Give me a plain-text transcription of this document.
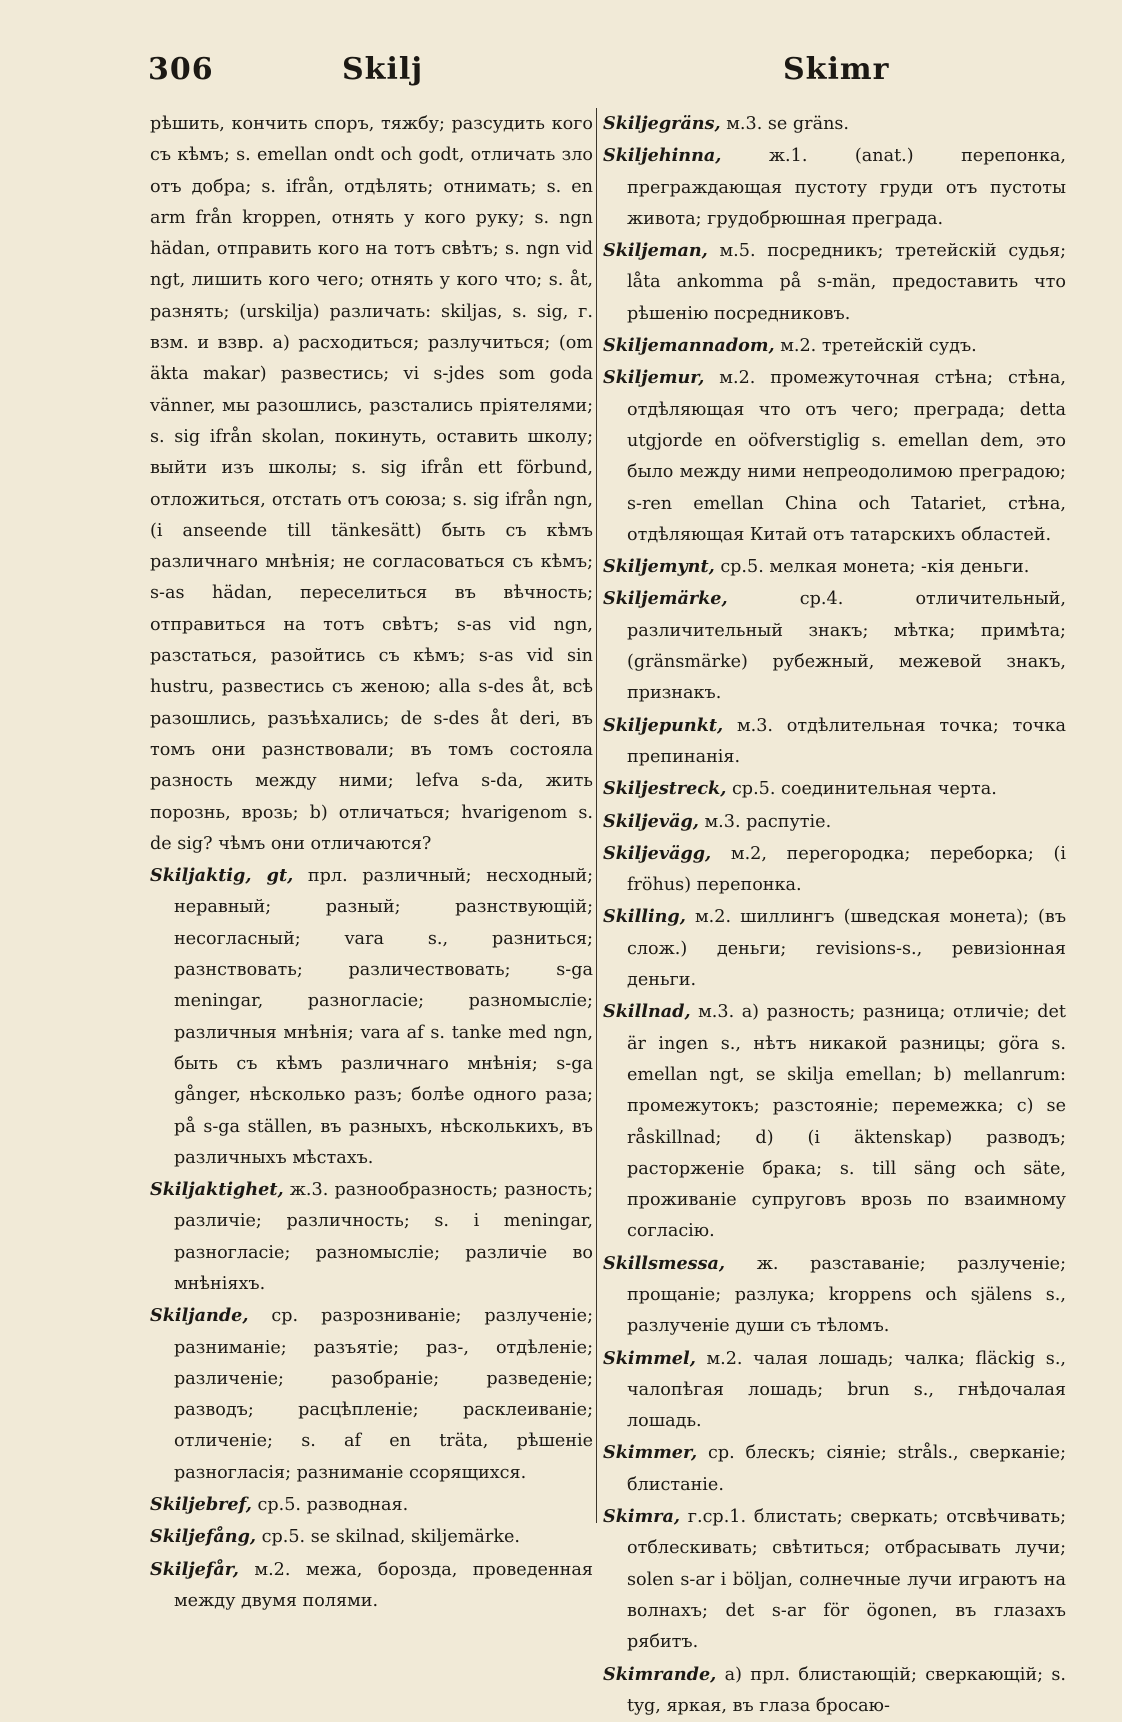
306	Skilj	Skimr

рѣшить, кончить споръ, тяжбу; разсудить кого съ кѣмъ; s. emellan ondt och godt, отличать зло отъ добра; s. ifrån, отдѣлять; отнимать; s. en arm från kroppen, отнять у кого руку; s. ngn hädan, отправить кого на тотъ свѣтъ; s. ngn vid ngt, лишить кого чего; отнять у кого что; s. åt, разнять; (urskilja) различать: skiljas, s. sig, г. взм. и взвр. а) расходиться; разлучиться; (om äkta makar) развестись; vi s-jdes som goda vänner, мы разошлись, разстались пріятелями; s. sig ifrån skolan, покинуть, оставить школу; выйти изъ школы; s. sig ifrån ett förbund, отложиться, отстать отъ союза; s. sig ifrån ngn, (i anseende till tänkesätt) быть съ кѣмъ различнаго мнѣнія; не согласоваться съ кѣмъ; s-as hädan, переселиться въ вѣчность; отправиться на тотъ свѣтъ; s-as vid ngn, разстаться, разойтись съ кѣмъ; s-as vid sin hustru, развестись съ женою; alla s-des åt, всѣ разошлись, разъѣхались; de s-des åt deri, въ томъ они разнствовали; въ томъ состояла разность между ними; lefva s-da, жить порознь, врозь; b) отличаться; hvarigenom s. de sig? чѣмъ они отличаются?

Skiljaktig, gt, прл. различный; несходный; неравный; разный; разнствующій; несогласный; vara s., разниться; разнствовать; различествовать; s-ga meningar, разногласіе; разномысліе; различныя мнѣнія; vara af s. tanke med ngn, быть съ кѣмъ различнаго мнѣнія; s-ga gånger, нѣсколько разъ; болѣе одного раза; på s-ga ställen, въ разныхъ, нѣсколькихъ, въ различныхъ мѣстахъ.

Skiljaktighet, ж.3. разнообразность; разность; различіе; различность; s. i meningar, разногласіе; разномысліе; различіе во мнѣніяхъ.

Skiljande, ср. разрозниваніе; разлученіе; разниманіе; разъятіе; раз-, отдѣленіе; различеніе; разобраніе; разведеніе; разводъ; расцѣпленіе; расклеиваніе; отличеніе; s. af en träta, рѣшеніе разногласія; разниманіе ссорящихся.

Skiljebref, ср.5. разводная.

Skiljefång, ср.5. se skilnad, skiljemärke.

Skiljefår, м.2. межа, борозда, проведенная между двумя полями.

Skiljegräns, м.3. se gräns.

Skiljehinna,	ж.1. (anat.) перепонка, преграждающая пустоту груди отъ пустоты живота; грудобрюшная преграда.

Skiljeman, м.5. посредникъ; третейскій судья; låta ankomma på s-män, предоставить что рѣшенію посредниковъ.

Skiljemannadom, м.2. третейскій судъ.

Skiljemur, м.2. промежуточная стѣна; стѣна, отдѣляющая что отъ чего; преграда; detta utgjorde en oöfverstiglig s. emellan dem, это было между ними непреодолимою преградою; s-ren emellan China och Tatariet, стѣна, отдѣляющая Китай отъ татарскихъ областей.

Skiljemynt, ср.5. мелкая монета; -кія деньги.

Skiljemärke,	ср.4. отличительный, различительный знакъ; мѣтка; примѣта; (gränsmärke) рубежный, межевой знакъ, признакъ.

Skiljepunkt, м.3. отдѣлительная точка; точка препинанія.

Skiljestreck, ср.5. соединительная черта.

Skiljeväg, м.3. распутіе.

Skiljevägg, м.2, перегородка; переборка; (i fröhus) перепонка.

Skilling, м.2. шиллингъ (шведская монета); (въ слож.) деньги; revisions-s., ревизіонная деньги.

Skillnad, м.3. а) разность; разница; отличіе; det är ingen s., нѣтъ никакой разницы; göra s. emellan ngt, se skilja emellan; b) mellanrum: промежутокъ; разстояніе; перемежка; с) se råskillnad; d) (i äktenskap) разводъ; расторженіе брака; s. till säng och säte, проживаніе супруговъ врозь по взаимному согласію.

Skillsmessa, ж. разставаніе; разлученіе; прощаніе; разлука; kroppens och själens s., разлученіе души съ тѣломъ.

Skimmel, м.2. чалая лошадь; чалка; fläckig s., чалопѣгая лошадь; brun s., гнѣдочалая лошадь.

Skimmer, ср. блескъ; сіяніе; stråls., сверканіе; блистаніе.

Skimra, г.ср.1. блистать; сверкать; отсвѣчивать; отблескивать; свѣтиться; отбрасывать лучи; solen s-ar i böljan, солнечные лучи играютъ на волнахъ; det s-ar för ögonen, въ глазахъ рябитъ.

Skimrande, а) прл. блистающій; сверкающій; s. tyg, яркая, въ глаза бросаю-
